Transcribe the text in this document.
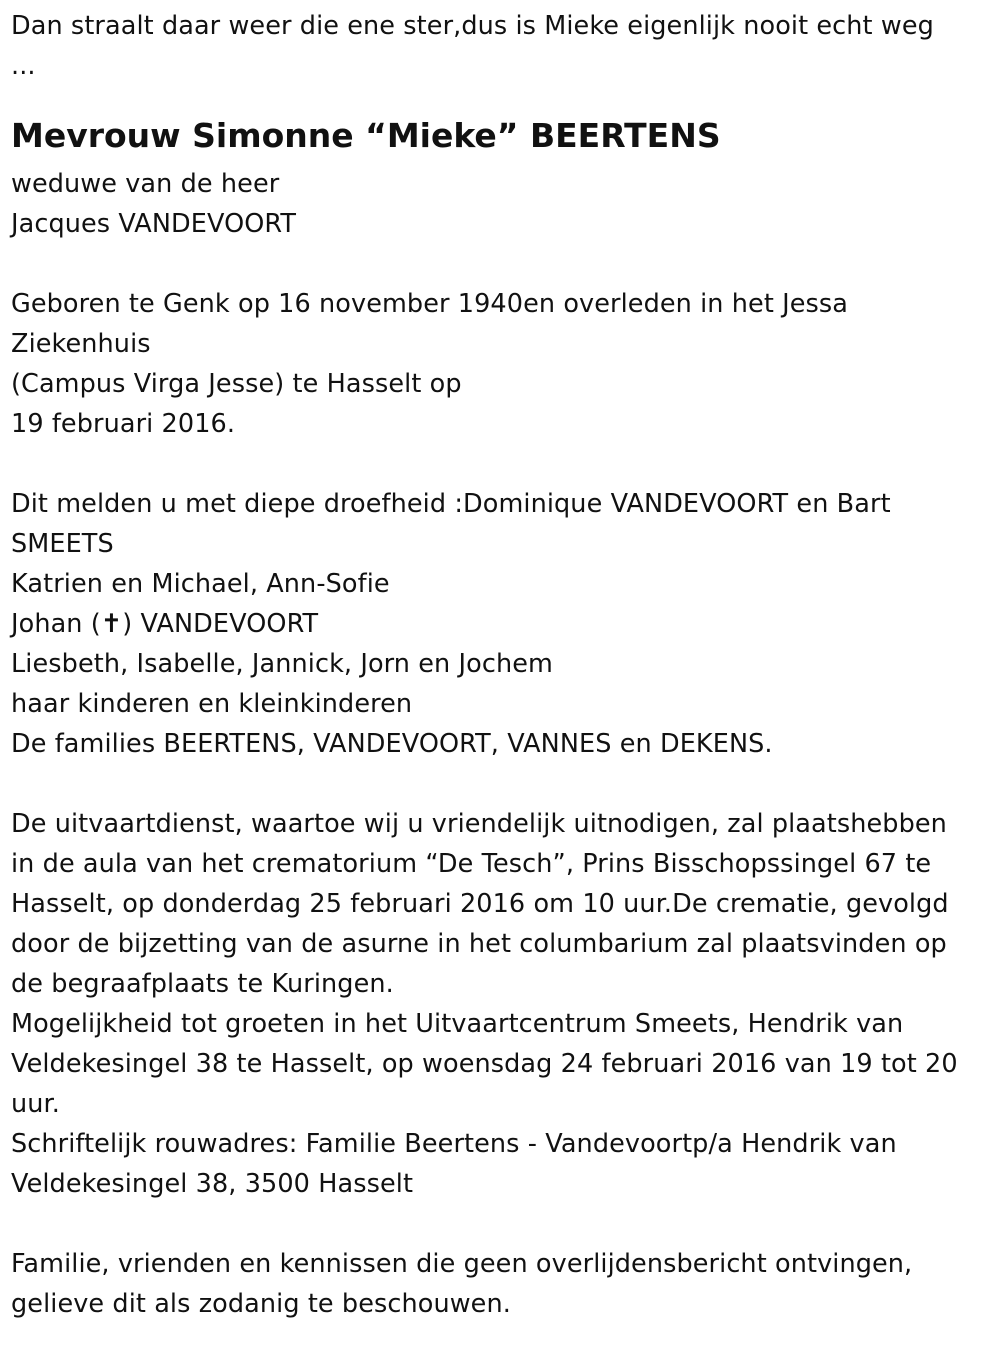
Dan straalt daar weer die ene ster,dus is Mieke eigenlijk nooit echt weg
...
Mevrouw Simonne “Mieke” BEERTENS
weduwe van de heer
Jacques VANDEVOORT
Geboren te Genk op 16 november 1940en overleden in het Jessa
Ziekenhuis
(Campus Virga Jesse) te Hasselt op
19 februari 2016.
Dit melden u met diepe droefheid :Dominique VANDEVOORT en Bart
SMEETS
Katrien en Michael, Ann-Sofie
Johan (✝) VANDEVOORT
Liesbeth, Isabelle, Jannick, Jorn en Jochem
haar kinderen en kleinkinderen
De families BEERTENS, VANDEVOORT, VANNES en DEKENS.
De uitvaartdienst, waartoe wij u vriendelijk uitnodigen, zal plaatshebben
in de aula van het crematorium “De Tesch”, Prins Bisschopssingel 67 te
Hasselt, op donderdag 25 februari 2016 om 10 uur.De crematie, gevolgd
door de bijzetting van de asurne in het columbarium zal plaatsvinden op
de begraafplaats te Kuringen.
Mogelijkheid tot groeten in het Uitvaartcentrum Smeets, Hendrik van
Veldekesingel 38 te Hasselt, op woensdag 24 februari 2016 van 19 tot 20
uur.
Schriftelijk rouwadres: Familie Beertens - Vandevoortp/a Hendrik van
Veldekesingel 38, 3500 Hasselt
Familie, vrienden en kennissen die geen overlijdensbericht ontvingen,
gelieve dit als zodanig te beschouwen.
